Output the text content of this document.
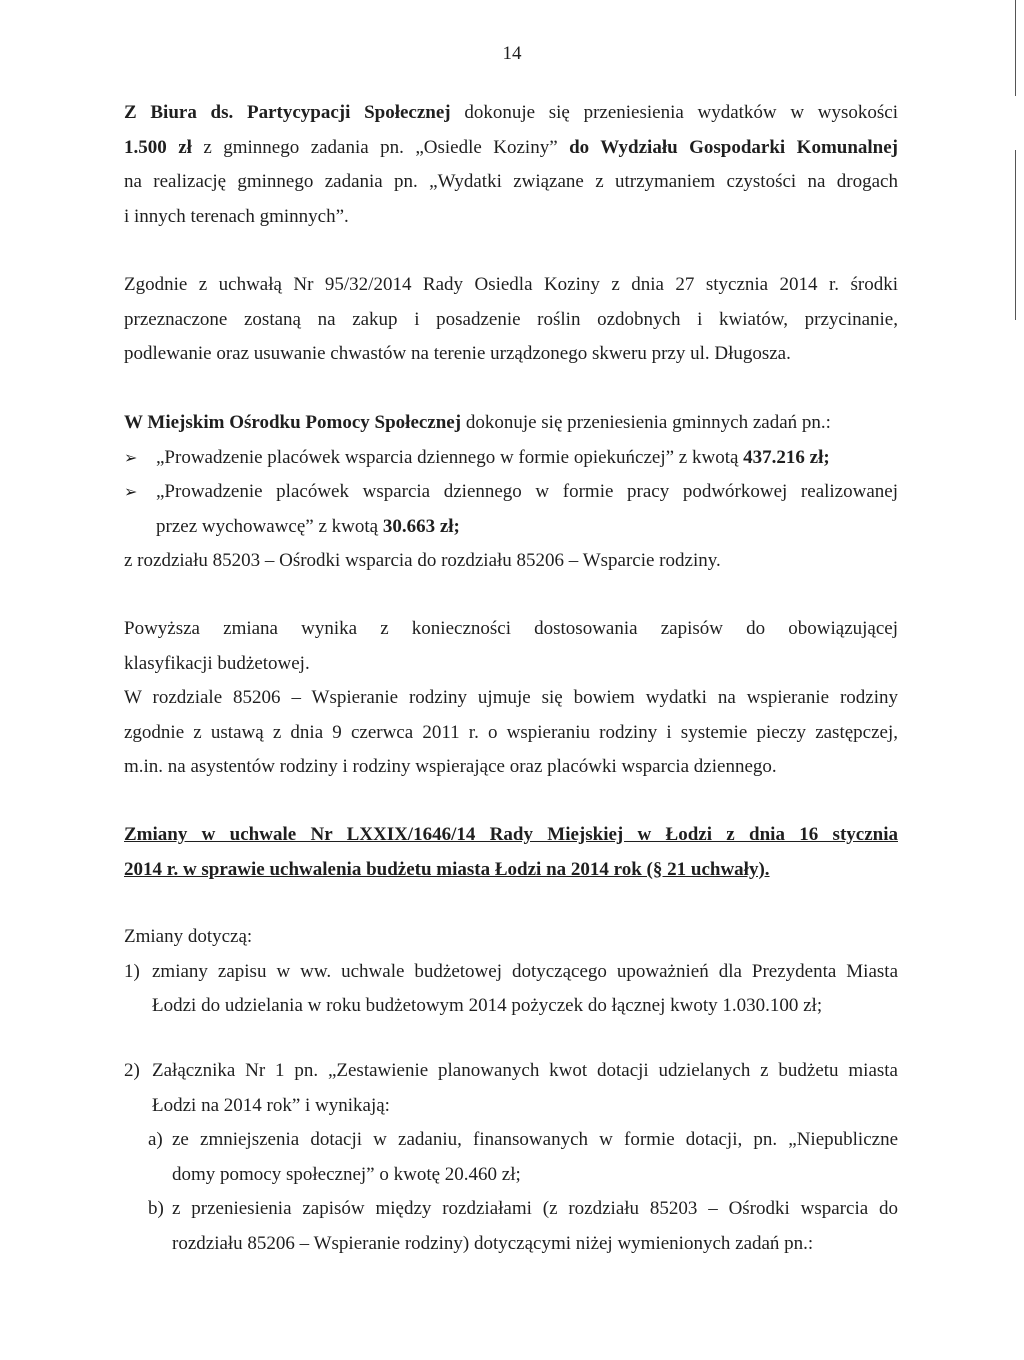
14
Z Biura ds. Partycypacji Społecznej dokonuje się przeniesienia wydatków w wysokości
1.500 zł z gminnego zadania pn. „Osiedle Koziny” do Wydziału Gospodarki Komunalnej
na realizację gminnego zadania pn. „Wydatki związane z utrzymaniem czystości na drogach
i innych terenach gminnych”.
Zgodnie z uchwałą Nr 95/32/2014 Rady Osiedla Koziny z dnia 27 stycznia 2014 r. środki
przeznaczone zostaną na zakup i posadzenie roślin ozdobnych i kwiatów, przycinanie,
podlewanie oraz usuwanie chwastów na terenie urządzonego skweru przy ul. Długosza.
W Miejskim Ośrodku Pomocy Społecznej dokonuje się przeniesienia gminnych zadań pn.:
➢ „Prowadzenie placówek wsparcia dziennego w formie opiekuńczej” z kwotą 437.216 zł;
➢ „Prowadzenie placówek wsparcia dziennego w formie pracy podwórkowej realizowanej
przez wychowawcę” z kwotą 30.663 zł;
z rozdziału 85203 – Ośrodki wsparcia do rozdziału 85206 – Wsparcie rodziny.
Powyższa zmiana wynika z konieczności dostosowania zapisów do obowiązującej
klasyfikacji budżetowej.
W rozdziale 85206 – Wspieranie rodziny ujmuje się bowiem wydatki na wspieranie rodziny
zgodnie z ustawą z dnia 9 czerwca 2011 r. o wspieraniu rodziny i systemie pieczy zastępczej,
m.in. na asystentów rodziny i rodziny wspierające oraz placówki wsparcia dziennego.
Zmiany w uchwale Nr LXXIX/1646/14 Rady Miejskiej w Łodzi z dnia 16 stycznia
2014 r. w sprawie uchwalenia budżetu miasta Łodzi na 2014 rok (§ 21 uchwały).
Zmiany dotyczą:
1) zmiany zapisu w ww. uchwale budżetowej dotyczącego upoważnień dla Prezydenta Miasta
Łodzi do udzielania w roku budżetowym 2014 pożyczek do łącznej kwoty 1.030.100 zł;
2) Załącznika Nr 1 pn. „Zestawienie planowanych kwot dotacji udzielanych z budżetu miasta
Łodzi na 2014 rok” i wynikają:
a) ze zmniejszenia dotacji w zadaniu, finansowanych w formie dotacji, pn. „Niepubliczne
domy pomocy społecznej” o kwotę 20.460 zł;
b) z przeniesienia zapisów między rozdziałami (z rozdziału 85203 – Ośrodki wsparcia do
rozdziału 85206 – Wspieranie rodziny) dotyczącymi niżej wymienionych zadań pn.:
